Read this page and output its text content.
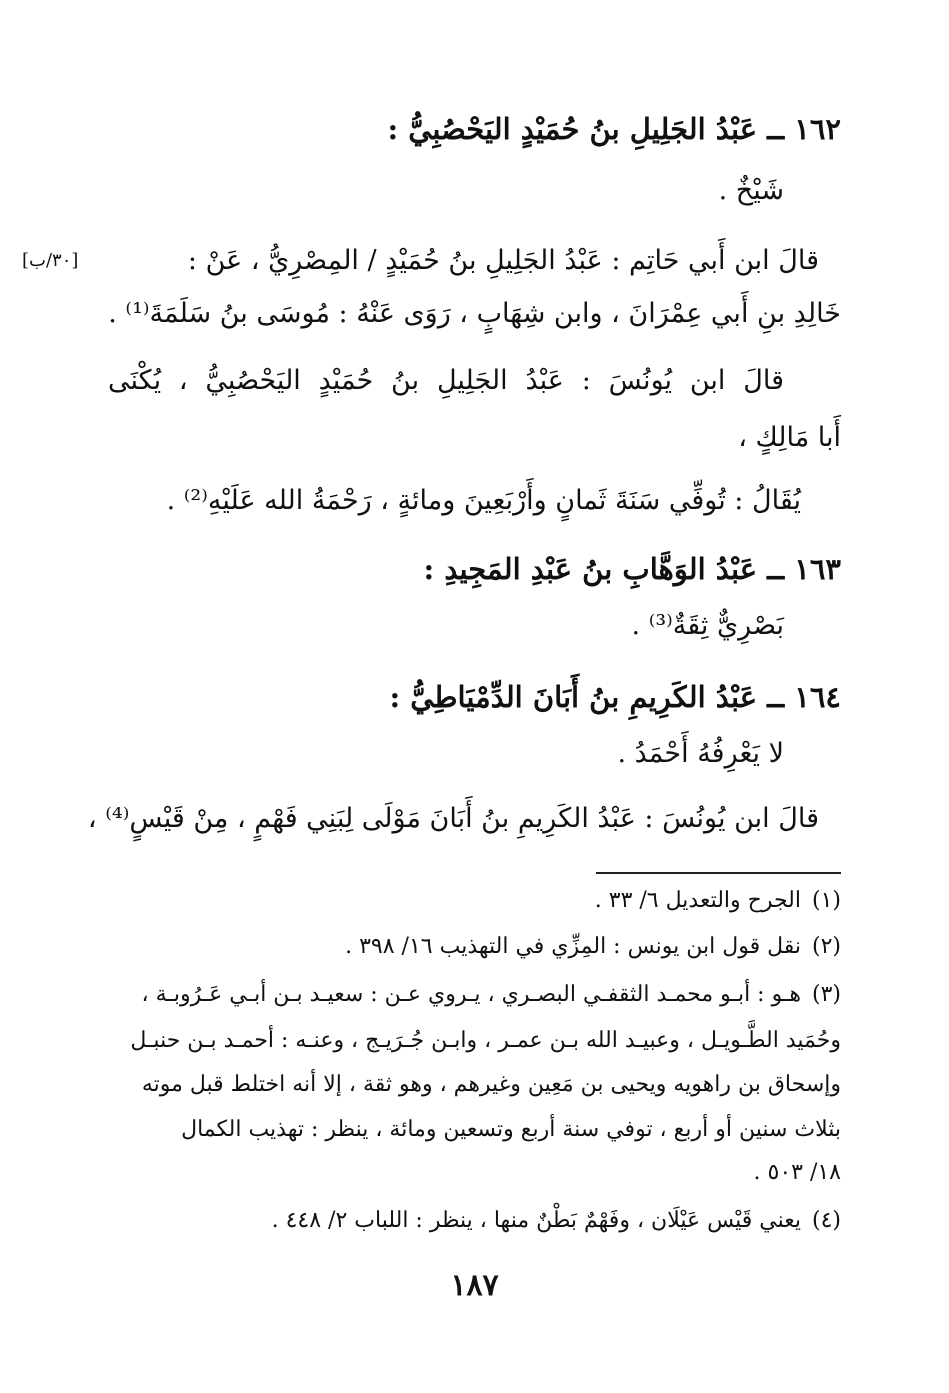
١٦٢ ــ عَبْدُ الجَلِيلِ بنُ حُمَيْدٍ اليَحْصُبِيُّ :
شَيْخٌ .
قالَ ابن أَبي حَاتِم : عَبْدُ الجَلِيلِ بنُ حُمَيْدٍ / المِصْرِيُّ ، عَنْ :
[٣٠/ب]
خَالِدِ بنِ أَبي عِمْرَانَ ، وابن شِهَابٍ ، رَوَى عَنْهُ : مُوسَى بنُ سَلَمَةَ⁽¹⁾ .
قالَ ابن يُونُسَ : عَبْدُ الجَلِيلِ بنُ حُمَيْدٍ اليَحْصُبِيُّ ، يُكْنَى
أَبا مَالِكٍ ،
يُقَالُ : تُوفِّي سَنَةَ ثَمانٍ وأَرْبَعِينَ ومائةٍ ، رَحْمَةُ الله عَلَيْهِ⁽²⁾ .
١٦٣ ــ عَبْدُ الوَهَّابِ بنُ عَبْدِ المَجِيدِ :
بَصْرِيٌّ ثِقَةٌ⁽³⁾ .
١٦٤ ــ عَبْدُ الكَرِيمِ بنُ أَبَانَ الدِّمْيَاطِيُّ :
لا يَعْرِفُهُ أَحْمَدُ .
قالَ ابن يُونُسَ : عَبْدُ الكَرِيمِ بنُ أَبَانَ مَوْلَى لِبَنِي فَهْمٍ ، مِنْ قَيْسٍ⁽⁴⁾ ،
(١)
الجرح والتعديل ٦/ ٣٣ .
(٢)
نقل قول ابن يونس : المِزِّي في التهذيب ١٦/ ٣٩٨ .
(٣)
هـو : أبـو محمـد الثقفـي البصـري ، يـروي عـن : سعيـد بـن أبـي عَـرُوبـة ،
وحُمَيد الطَّـويـل ، وعبيـد الله بـن عمـر ، وابـن جُـرَيـج ، وعنـه : أحمـد بـن حنبـل
وإسحاق بن راهويه ويحيى بن مَعِين وغيرهم ، وهو ثقة ، إلا أنه اختلط قبل موته
بثلاث سنين أو أربع ، توفي سنة أربع وتسعين ومائة ، ينظر : تهذيب الكمال
١٨/ ٥٠٣ .
(٤)
يعني قَيْس عَيْلَان ، وفَهْمٌ بَطْنٌ منها ، ينظر : اللباب ٢/ ٤٤٨ .
١٨٧
